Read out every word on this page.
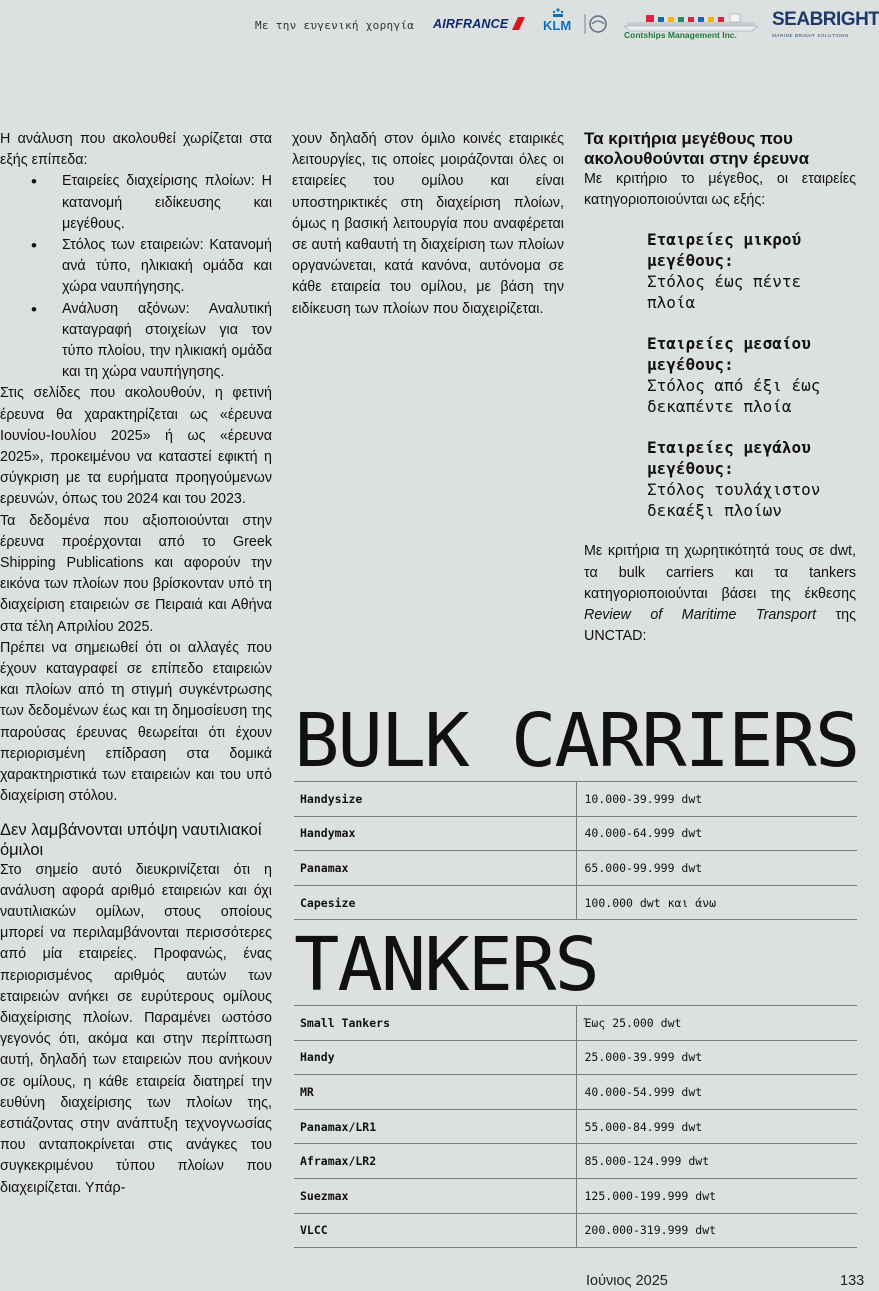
Με την ευγενική χορηγία AIRFRANCE	KLM
Contships Management Inc.
SEABRIGHT
MARINE BRIGHT SOLUTIONS

Η ανάλυση που ακολουθεί χωρίζεται στα εξής επίπεδα:

• Εταιρείες διαχείρισης πλοίων: Η κατανομή ειδίκευσης και μεγέθους.
• Στόλος των εταιρειών: Κατανομή ανά τύπο, ηλικιακή ομάδα και χώρα ναυπήγησης.
• Ανάλυση αξόνων: Αναλυτική καταγραφή στοιχείων για τον τύπο πλοίου, την ηλικιακή ομάδα και τη χώρα ναυπήγησης.

Στις σελίδες που ακολουθούν, η φετινή έρευνα θα χαρακτηρίζεται ως «έρευνα Ιουνίου-Ιουλίου 2025» ή ως «έρευνα 2025», προκειμένου να καταστεί εφικτή η σύγκριση με τα ευρήματα προηγούμενων ερευνών, όπως του 2024 και του 2023.

Τα δεδομένα που αξιοποιούνται στην έρευνα προέρχονται από το Greek Shipping Publications και αφορούν την εικόνα των πλοίων που βρίσκονταν υπό τη διαχείριση εταιρειών σε Πειραιά και Αθήνα στα τέλη Απριλίου 2025.

Πρέπει να σημειωθεί ότι οι αλλαγές που έχουν καταγραφεί σε επίπεδο εταιρειών και πλοίων από τη στιγμή συγκέντρωσης των δεδομένων έως και τη δημοσίευση της παρούσας έρευνας θεωρείται ότι έχουν περιορισμένη επίδραση στα δομικά χαρακτηριστικά των εταιρειών και του υπό διαχείριση στόλου.

Δεν λαμβάνονται υπόψη ναυτιλιακοί όμιλοι

Στο σημείο αυτό διευκρινίζεται ότι η ανάλυση αφορά αριθμό εταιρειών και όχι ναυτιλιακών ομίλων, στους οποίους μπορεί να περιλαμβάνονται περισσότερες από μία εταιρείες. Προφανώς, ένας περιορισμένος αριθμός αυτών των εταιρειών ανήκει σε ευρύτερους ομίλους διαχείρισης πλοίων. Παραμένει ωστόσο γεγονός ότι, ακόμα και στην περίπτωση αυτή, δηλαδή των εταιρειών που ανήκουν σε ομίλους, η κάθε εταιρεία διατηρεί την ευθύνη διαχείρισης των πλοίων της, εστιάζοντας στην ανάπτυξη τεχνογνωσίας που ανταποκρίνεται στις ανάγκες του συγκεκριμένου τύπου πλοίων που διαχειρίζεται. Υπάρ-

χουν δηλαδή στον όμιλο κοινές εταιρικές λειτουργίες, τις οποίες μοιράζονται όλες οι εταιρείες του ομίλου και είναι υποστηρικτικές στη διαχείριση πλοίων, όμως η βασική λειτουργία που αναφέρεται σε αυτή καθαυτή τη διαχείριση των πλοίων οργανώνεται, κατά κανόνα, αυτόνομα σε κάθε εταιρεία του ομίλου, με βάση την ειδίκευση των πλοίων που διαχειρίζεται.

Τα κριτήρια μεγέθους που ακολουθούνται στην έρευνα

Με κριτήριο το μέγεθος, οι εταιρείες κατηγοριοποιούνται ως εξής:

Εταιρείες μικρού μεγέθους:
Στόλος έως πέντε πλοία
Εταιρείες μεσαίου μεγέθους:
Στόλος από έξι έως δεκαπέντε πλοία
Εταιρείες μεγάλου μεγέθους:
Στόλος τουλάχιστον δεκαέξι πλοίων

Με κριτήρια τη χωρητικότητά τους σε dwt, τα bulk carriers και τα tankers κατηγοριοποιούνται βάσει της έκθεσης Review of Maritime Transport της UNCTAD:

BULK CARRIERS
Handysize	10.000-39.999 dwt
Handymax	40.000-64.999 dwt
Panamax	65.000-99.999 dwt
Capesize	100.000 dwt και άνω
TANKERS
Small Tankers	Έως 25.000 dwt
Handy	25.000-39.999 dwt
MR	40.000-54.999 dwt
Panamax/LR1	55.000-84.999 dwt
Aframax/LR2	85.000-124.999 dwt
Suezmax	125.000-199.999 dwt
VLCC	200.000-319.999 dwt
Ιούνιος 2025	133
